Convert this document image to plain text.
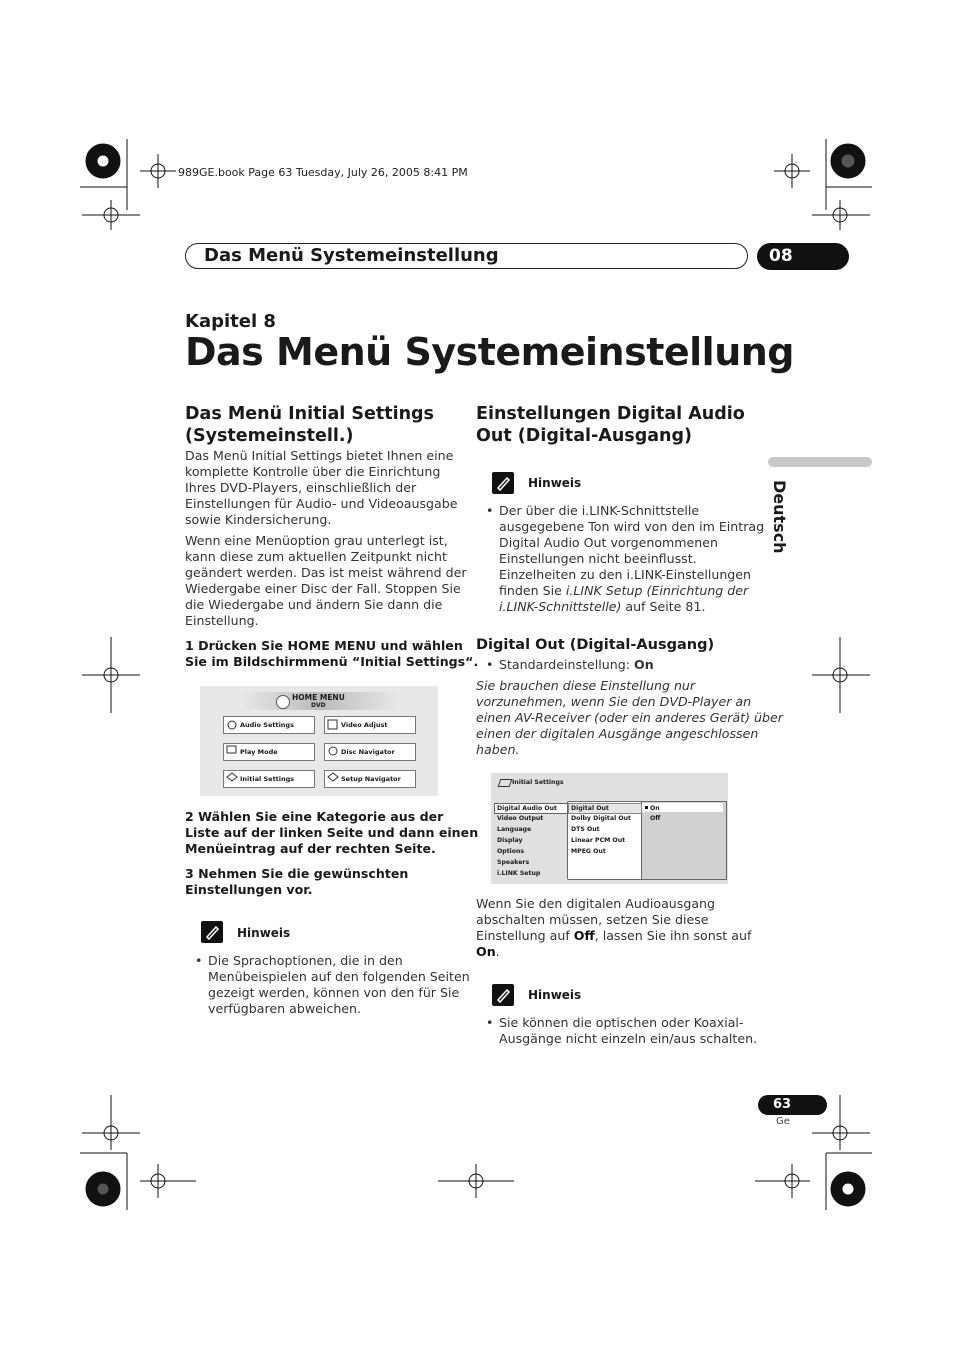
989GE.book Page 63 Tuesday, July 26, 2005 8:41 PM
Das Menü Systemeinstellung	08
Kapitel 8
Das Menü Systemeinstellung
Deutsch
Das Menü Initial Settings
(Systemeinstell.)
Das Menü Initial Settings bietet Ihnen eine
komplette Kontrolle über die Einrichtung
Ihres DVD-Players, einschließlich der
Einstellungen für Audio- und Videoausgabe
sowie Kindersicherung.
Wenn eine Menüoption grau unterlegt ist,
kann diese zum aktuellen Zeitpunkt nicht
geändert werden. Das ist meist während der
Wiedergabe einer Disc der Fall. Stoppen Sie
die Wiedergabe und ändern Sie dann die
Einstellung.
1 Drücken Sie HOME MENU und wählen
Sie im Bildschirmmenü “Initial Settings“.
HOME MENU
DVD
Audio Settings	Video Adjust
Play Mode	Disc Navigator
Initial Settings	Setup Navigator
2 Wählen Sie eine Kategorie aus der
Liste auf der linken Seite und dann einen
Menüeintrag auf der rechten Seite.
3 Nehmen Sie die gewünschten
Einstellungen vor.
Hinweis
• Die Sprachoptionen, die in den
Menübeispielen auf den folgenden Seiten
gezeigt werden, können von den für Sie
verfügbaren abweichen.
Einstellungen Digital Audio
Out (Digital-Ausgang)
Hinweis
• Der über die i.LINK-Schnittstelle
ausgegebene Ton wird von den im Eintrag
Digital Audio Out vorgenommenen
Einstellungen nicht beeinflusst.
Einzelheiten zu den i.LINK-Einstellungen
finden Sie i.LINK Setup (Einrichtung der
i.LINK-Schnittstelle) auf Seite 81.
Digital Out (Digital-Ausgang)
• Standardeinstellung: On
Sie brauchen diese Einstellung nur
vorzunehmen, wenn Sie den DVD-Player an
einen AV-Receiver (oder ein anderes Gerät) über
einen der digitalen Ausgänge angeschlossen
haben.
Initial Settings
Digital Audio Out
Video Output
Language
Display
Options
Speakers
i.LINK Setup
Digital Out
Dolby Digital Out
DTS Out
Linear PCM Out
MPEG Out
On
Off
Wenn Sie den digitalen Audioausgang
abschalten müssen, setzen Sie diese
Einstellung auf Off, lassen Sie ihn sonst auf
On.
Hinweis
• Sie können die optischen oder Koaxial-
Ausgänge nicht einzeln ein/aus schalten.
63
Ge
